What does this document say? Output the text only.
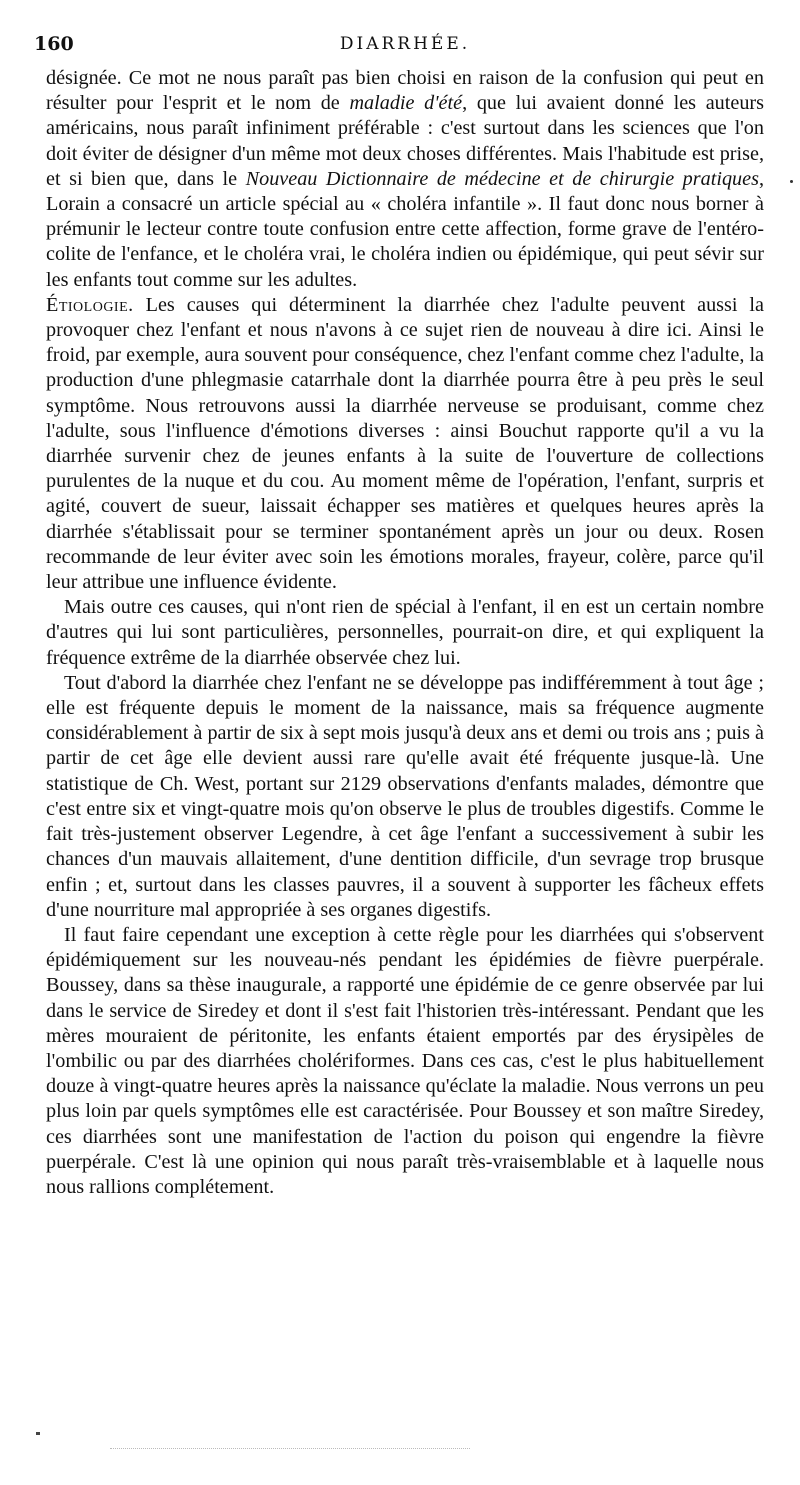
160	DIARRHÉE.

désignée. Ce mot ne nous paraît pas bien choisi en raison de la confusion qui peut en résulter pour l'esprit et le nom de maladie d'été, que lui avaient donné les auteurs américains, nous paraît infiniment préférable : c'est surtout dans les sciences que l'on doit éviter de désigner d'un même mot deux choses différentes. Mais l'habitude est prise, et si bien que, dans le Nouveau Dictionnaire de médecine et de chirurgie pratiques, Lorain a consacré un article spécial au « choléra infantile ». Il faut donc nous borner à prémunir le lecteur contre toute confusion entre cette affection, forme grave de l'entéro-colite de l'enfance, et le choléra vrai, le choléra indien ou épidémique, qui peut sévir sur les enfants tout comme sur les adultes.

Étiologie. Les causes qui déterminent la diarrhée chez l'adulte peuvent aussi la provoquer chez l'enfant et nous n'avons à ce sujet rien de nouveau à dire ici. Ainsi le froid, par exemple, aura souvent pour conséquence, chez l'enfant comme chez l'adulte, la production d'une phlegmasie catarrhale dont la diarrhée pourra être à peu près le seul symptôme. Nous retrouvons aussi la diarrhée nerveuse se produisant, comme chez l'adulte, sous l'influence d'émotions diverses : ainsi Bouchut rapporte qu'il a vu la diarrhée survenir chez de jeunes enfants à la suite de l'ouverture de collections purulentes de la nuque et du cou. Au moment même de l'opération, l'enfant, surpris et agité, couvert de sueur, laissait échapper ses matières et quelques heures après la diarrhée s'établissait pour se terminer spontanément après un jour ou deux. Rosen recommande de leur éviter avec soin les émotions morales, frayeur, colère, parce qu'il leur attribue une influence évidente.

Mais outre ces causes, qui n'ont rien de spécial à l'enfant, il en est un certain nombre d'autres qui lui sont particulières, personnelles, pourrait-on dire, et qui expliquent la fréquence extrême de la diarrhée observée chez lui.

Tout d'abord la diarrhée chez l'enfant ne se développe pas indifféremment à tout âge ; elle est fréquente depuis le moment de la naissance, mais sa fréquence augmente considérablement à partir de six à sept mois jusqu'à deux ans et demi ou trois ans ; puis à partir de cet âge elle devient aussi rare qu'elle avait été fréquente jusque-là. Une statistique de Ch. West, portant sur 2129 observations d'enfants malades, démontre que c'est entre six et vingt-quatre mois qu'on observe le plus de troubles digestifs. Comme le fait très-justement observer Legendre, à cet âge l'enfant a successivement à subir les chances d'un mauvais allaitement, d'une dentition difficile, d'un sevrage trop brusque enfin ; et, surtout dans les classes pauvres, il a souvent à supporter les fâcheux effets d'une nourriture mal appropriée à ses organes digestifs.

Il faut faire cependant une exception à cette règle pour les diarrhées qui s'observent épidémiquement sur les nouveau-nés pendant les épidémies de fièvre puerpérale. Boussey, dans sa thèse inaugurale, a rapporté une épidémie de ce genre observée par lui dans le service de Siredey et dont il s'est fait l'historien très-intéressant. Pendant que les mères mouraient de péritonite, les enfants étaient emportés par des érysipèles de l'ombilic ou par des diarrhées cholériformes. Dans ces cas, c'est le plus habituellement douze à vingt-quatre heures après la naissance qu'éclate la maladie. Nous verrons un peu plus loin par quels symptômes elle est caractérisée. Pour Boussey et son maître Siredey, ces diarrhées sont une manifestation de l'action du poison qui engendre la fièvre puerpérale. C'est là une opinion qui nous paraît très-vraisemblable et à laquelle nous nous rallions complétement.
